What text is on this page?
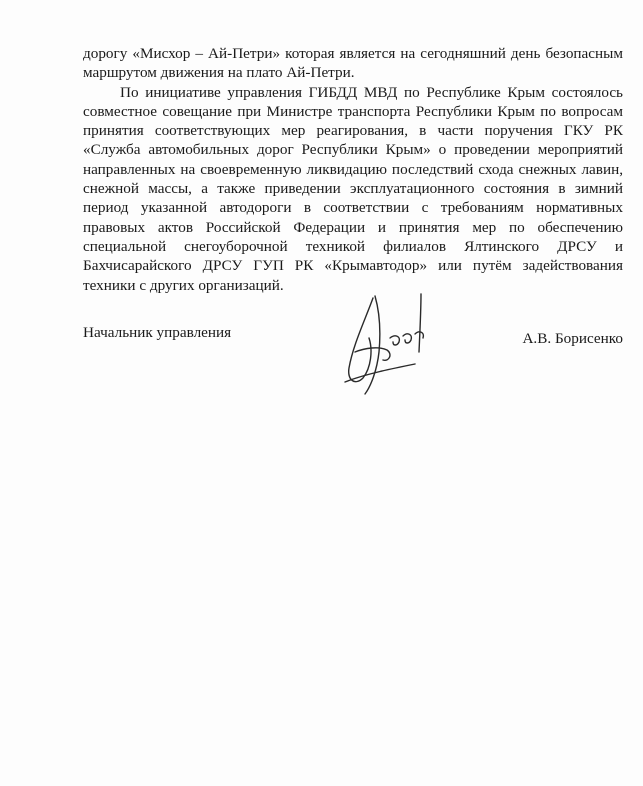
дорогу «Мисхор – Ай-Петри» которая является на сегодняшний день безопасным маршрутом движения на плато Ай-Петри.

По инициативе управления ГИБДД МВД по Республике Крым состоялось совместное совещание при Министре транспорта Республики Крым по вопросам принятия соответствующих мер реагирования, в части поручения ГКУ РК «Служба автомобильных дорог Республики Крым» о проведении мероприятий направленных на своевременную ликвидацию последствий схода снежных лавин, снежной массы, а также приведении эксплуатационного состояния в зимний период указанной автодороги в соответствии с требованиям нормативных правовых актов Российской Федерации и принятия мер по обеспечению специальной снегоуборочной техникой филиалов Ялтинского ДРСУ и Бахчисарайского ДРСУ ГУП РК «Крымавтодор» или путём задействования техники с других организаций.

Начальник управления	А.В. Борисенко
